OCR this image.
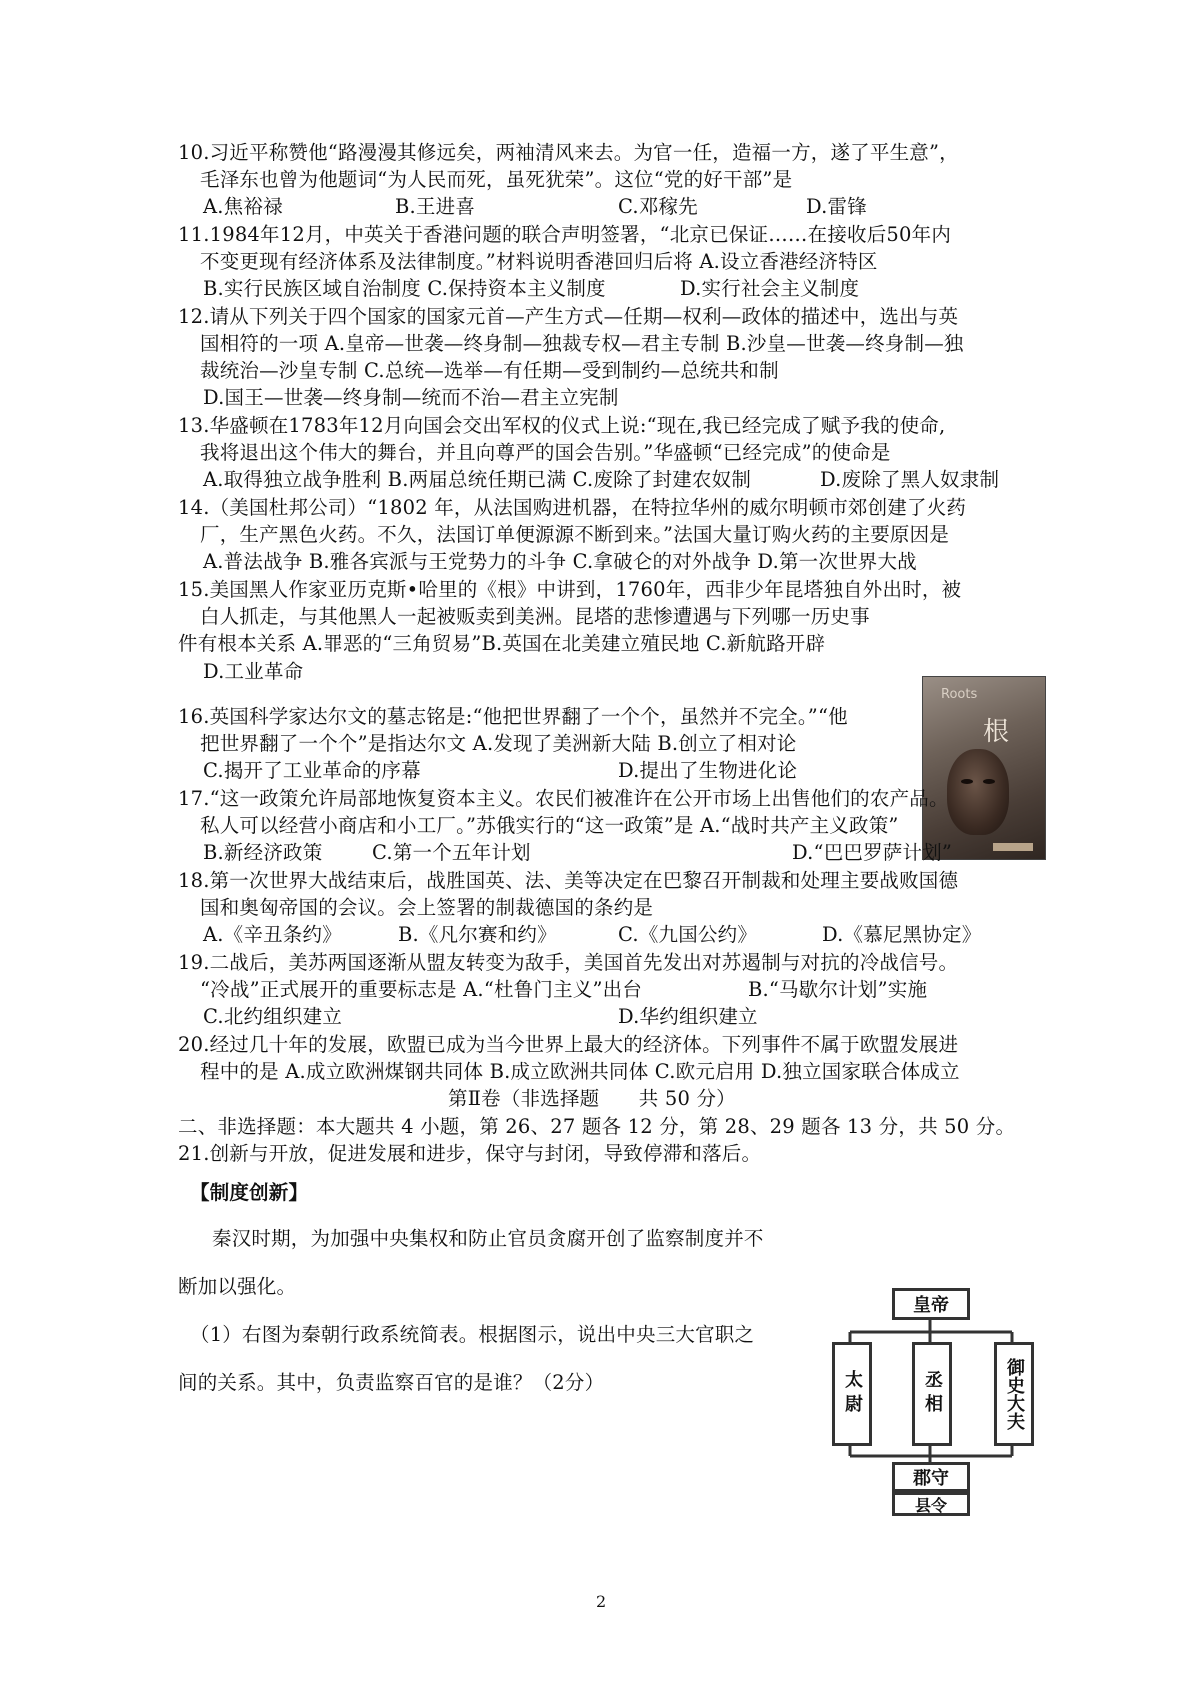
10.习近平称赞他“路漫漫其修远矣，两袖清风来去。为官一任，造福一方，遂了平生意”，
毛泽东也曾为他题词“为人民而死，虽死犹荣”。这位“党的好干部”是
A.焦裕禄	B.王进喜	C.邓稼先	D.雷锋
11.1984年12月，中英关于香港问题的联合声明签署，“北京已保证……在接收后50年内
不变更现有经济体系及法律制度。”材料说明香港回归后将 A.设立香港经济特区
B.实行民族区域自治制度 C.保持资本主义制度	D.实行社会主义制度
12.请从下列关于四个国家的国家元首—产生方式—任期—权利—政体的描述中，选出与英
国相符的一项 A.皇帝—世袭—终身制—独裁专权—君主专制 B.沙皇—世袭—终身制—独
裁统治—沙皇专制 C.总统—选举—有任期—受到制约—总统共和制
D.国王—世袭—终身制—统而不治—君主立宪制
13.华盛顿在1783年12月向国会交出军权的仪式上说:“现在,我已经完成了赋予我的使命,
我将退出这个伟大的舞台，并且向尊严的国会告别。”华盛顿“已经完成”的使命是
A.取得独立战争胜利 B.两届总统任期已满 C.废除了封建农奴制	D.废除了黑人奴隶制
14.（美国杜邦公司）“1802 年，从法国购进机器，在特拉华州的威尔明顿市郊创建了火药
厂，生产黑色火药。不久，法国订单便源源不断到来。”法国大量订购火药的主要原因是
A.普法战争 B.雅各宾派与王党势力的斗争 C.拿破仑的对外战争 D.第一次世界大战
15.美国黑人作家亚历克斯•哈里的《根》中讲到，1760年，西非少年昆塔独自外出时，被
白人抓走，与其他黑人一起被贩卖到美洲。昆塔的悲惨遭遇与下列哪一历史事
件有根本关系 A.罪恶的“三角贸易”B.英国在北美建立殖民地 C.新航路开辟
D.工业革命
Roots
根
16.英国科学家达尔文的墓志铭是:“他把世界翻了一个个，虽然并不完全。”“他
把世界翻了一个个”是指达尔文 A.发现了美洲新大陆 B.创立了相对论
C.揭开了工业革命的序幕	D.提出了生物进化论
17.“这一政策允许局部地恢复资本主义。农民们被准许在公开市场上出售他们的农产品。
私人可以经营小商店和小工厂。”苏俄实行的“这一政策”是 A.“战时共产主义政策”
B.新经济政策	C.第一个五年计划	D.“巴巴罗萨计划”
18.第一次世界大战结束后，战胜国英、法、美等决定在巴黎召开制裁和处理主要战败国德
国和奥匈帝国的会议。会上签署的制裁德国的条约是
A.《辛丑条约》	B.《凡尔赛和约》	C.《九国公约》	D.《慕尼黑协定》
19.二战后，美苏两国逐渐从盟友转变为敌手，美国首先发出对苏遏制与对抗的冷战信号。
“冷战”正式展开的重要标志是 A.“杜鲁门主义”出台	B.“马歇尔计划”实施
C.北约组织建立	D.华约组织建立
20.经过几十年的发展，欧盟已成为当今世界上最大的经济体。下列事件不属于欧盟发展进
程中的是 A.成立欧洲煤钢共同体 B.成立欧洲共同体 C.欧元启用 D.独立国家联合体成立
第Ⅱ卷（非选择题　　共 50 分）
二、非选择题：本大题共 4 小题，第 26、27 题各 12 分，第 28、29 题各 13 分，共 50 分。
21.创新与开放，促进发展和进步，保守与封闭，导致停滞和落后。
【制度创新】
秦汉时期，为加强中央集权和防止官员贪腐开创了监察制度并不
断加以强化。
（1）右图为秦朝行政系统简表。根据图示，说出中央三大官职之
间的关系。其中，负责监察百官的是谁？（2分）
皇帝
太尉	丞相	御史大夫
郡守
县令
2
